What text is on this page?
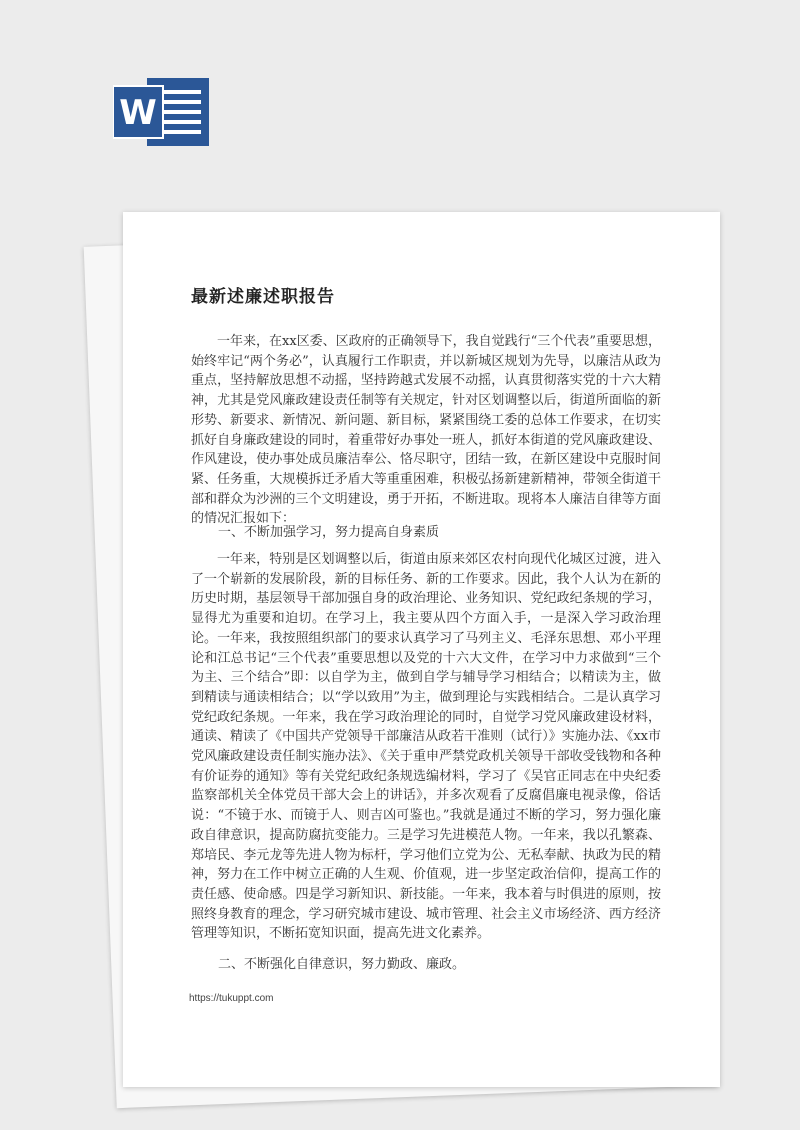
W
最新述廉述职报告

一年来，在xx区委、区政府的正确领导下，我自觉践行“三个代表”重要思想，始终牢记“两个务必”，认真履行工作职责，并以新城区规划为先导，以廉洁从政为重点，坚持解放思想不动摇，坚持跨越式发展不动摇，认真贯彻落实党的十六大精神，尤其是党风廉政建设责任制等有关规定，针对区划调整以后，街道所面临的新形势、新要求、新情况、新问题、新目标，紧紧围绕工委的总体工作要求，在切实抓好自身廉政建设的同时，着重带好办事处一班人，抓好本街道的党风廉政建设、作风建设，使办事处成员廉洁奉公、恪尽职守，团结一致，在新区建设中克服时间紧、任务重，大规模拆迁矛盾大等重重困难，积极弘扬新建新精神，带领全街道干部和群众为沙洲的三个文明建设，勇于开拓，不断进取。现将本人廉洁自律等方面的情况汇报如下：

一、不断加强学习，努力提高自身素质

一年来，特别是区划调整以后，街道由原来郊区农村向现代化城区过渡，进入了一个崭新的发展阶段，新的目标任务、新的工作要求。因此，我个人认为在新的历史时期，基层领导干部加强自身的政治理论、业务知识、党纪政纪条规的学习，显得尤为重要和迫切。在学习上，我主要从四个方面入手，一是深入学习政治理论。一年来，我按照组织部门的要求认真学习了马列主义、毛泽东思想、邓小平理论和江总书记“三个代表”重要思想以及党的十六大文件，在学习中力求做到“三个为主、三个结合”即：以自学为主，做到自学与辅导学习相结合；以精读为主，做到精读与通读相结合；以“学以致用”为主，做到理论与实践相结合。二是认真学习党纪政纪条规。一年来，我在学习政治理论的同时，自觉学习党风廉政建设材料，通读、精读了《中国共产党领导干部廉洁从政若干准则（试行）》实施办法、《xx市党风廉政建设责任制实施办法》、《关于重申严禁党政机关领导干部收受钱物和各种有价证券的通知》等有关党纪政纪条规选编材料，学习了《吴官正同志在中央纪委监察部机关全体党员干部大会上的讲话》，并多次观看了反腐倡廉电视录像，俗话说：“不镜于水、而镜于人、则吉凶可鉴也。”我就是通过不断的学习，努力强化廉政自律意识，提高防腐抗变能力。三是学习先进模范人物。一年来，我以孔繁森、郑培民、李元龙等先进人物为标杆，学习他们立党为公、无私奉献、执政为民的精神，努力在工作中树立正确的人生观、价值观，进一步坚定政治信仰，提高工作的责任感、使命感。四是学习新知识、新技能。一年来，我本着与时俱进的原则，按照终身教育的理念，学习研究城市建设、城市管理、社会主义市场经济、西方经济管理等知识，不断拓宽知识面，提高先进文化素养。

二、不断强化自律意识，努力勤政、廉政。

https://tukuppt.com
